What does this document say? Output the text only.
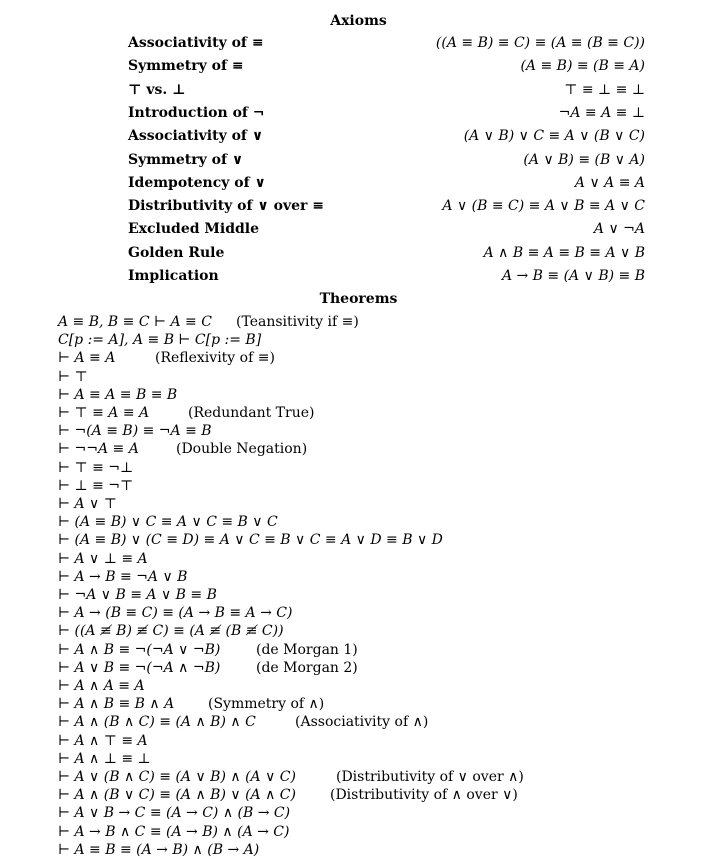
Axioms
Associativity of ≡	((A ≡ B) ≡ C) ≡ (A ≡ (B ≡ C))
Symmetry of ≡	(A ≡ B) ≡ (B ≡ A)
⊤ vs. ⊥	⊤ ≡ ⊥ ≡ ⊥
Introduction of ¬	¬A ≡ A ≡ ⊥
Associativity of ∨	(A ∨ B) ∨ C ≡ A ∨ (B ∨ C)
Symmetry of ∨	(A ∨ B) ≡ (B ∨ A)
Idempotency of ∨	A ∨ A ≡ A
Distributivity of ∨ over ≡	A ∨ (B ≡ C) ≡ A ∨ B ≡ A ∨ C
Excluded Middle	A ∨ ¬A
Golden Rule	A ∧ B ≡ A ≡ B ≡ A ∨ B
Implication	A → B ≡ (A ∨ B) ≡ B
Theorems
A ≡ B, B ≡ C ⊢ A ≡ C (Teansitivity if ≡)
C[p := A], A ≡ B ⊢ C[p := B]
⊢ A ≡ A	(Reflexivity of ≡)
⊢ ⊤
⊢ A ≡ A ≡ B ≡ B
⊢ ⊤ ≡ A ≡ A	(Redundant True)
⊢ ¬(A ≡ B) ≡ ¬A ≡ B
⊢ ¬¬A ≡ A	(Double Negation)
⊢ ⊤ ≡ ¬⊥
⊢ ⊥ ≡ ¬⊤
⊢ A ∨ ⊤
⊢ (A ≡ B) ∨ C ≡ A ∨ C ≡ B ∨ C
⊢ (A ≡ B) ∨ (C ≡ D) ≡ A ∨ C ≡ B ∨ C ≡ A ∨ D ≡ B ∨ D
⊢ A ∨ ⊥ ≡ A
⊢ A → B ≡ ¬A ∨ B
⊢ ¬A ∨ B ≡ A ∨ B ≡ B
⊢ A → (B ≡ C) ≡ (A → B ≡ A → C)
⊢ ((A ≢ B) ≢ C) ≡ (A ≢ (B ≢ C))
⊢ A ∧ B ≡ ¬(¬A ∨ ¬B)	(de Morgan 1)
⊢ A ∨ B ≡ ¬(¬A ∧ ¬B)	(de Morgan 2)
⊢ A ∧ A ≡ A
⊢ A ∧ B ≡ B ∧ A (Symmetry of ∧)
⊢ A ∧ (B ∧ C) ≡ (A ∧ B) ∧ C	(Associativity of ∧)
⊢ A ∧ ⊤ ≡ A
⊢ A ∧ ⊥ ≡ ⊥
⊢ A ∨ (B ∧ C) ≡ (A ∨ B) ∧ (A ∨ C)	(Distributivity of ∨ over ∧)
⊢ A ∧ (B ∨ C) ≡ (A ∧ B) ∨ (A ∧ C) (Distributivity of ∧ over ∨)
⊢ A ∨ B → C ≡ (A → C) ∧ (B → C)
⊢ A → B ∧ C ≡ (A → B) ∧ (A → C)
⊢ A ≡ B ≡ (A → B) ∧ (B → A)
